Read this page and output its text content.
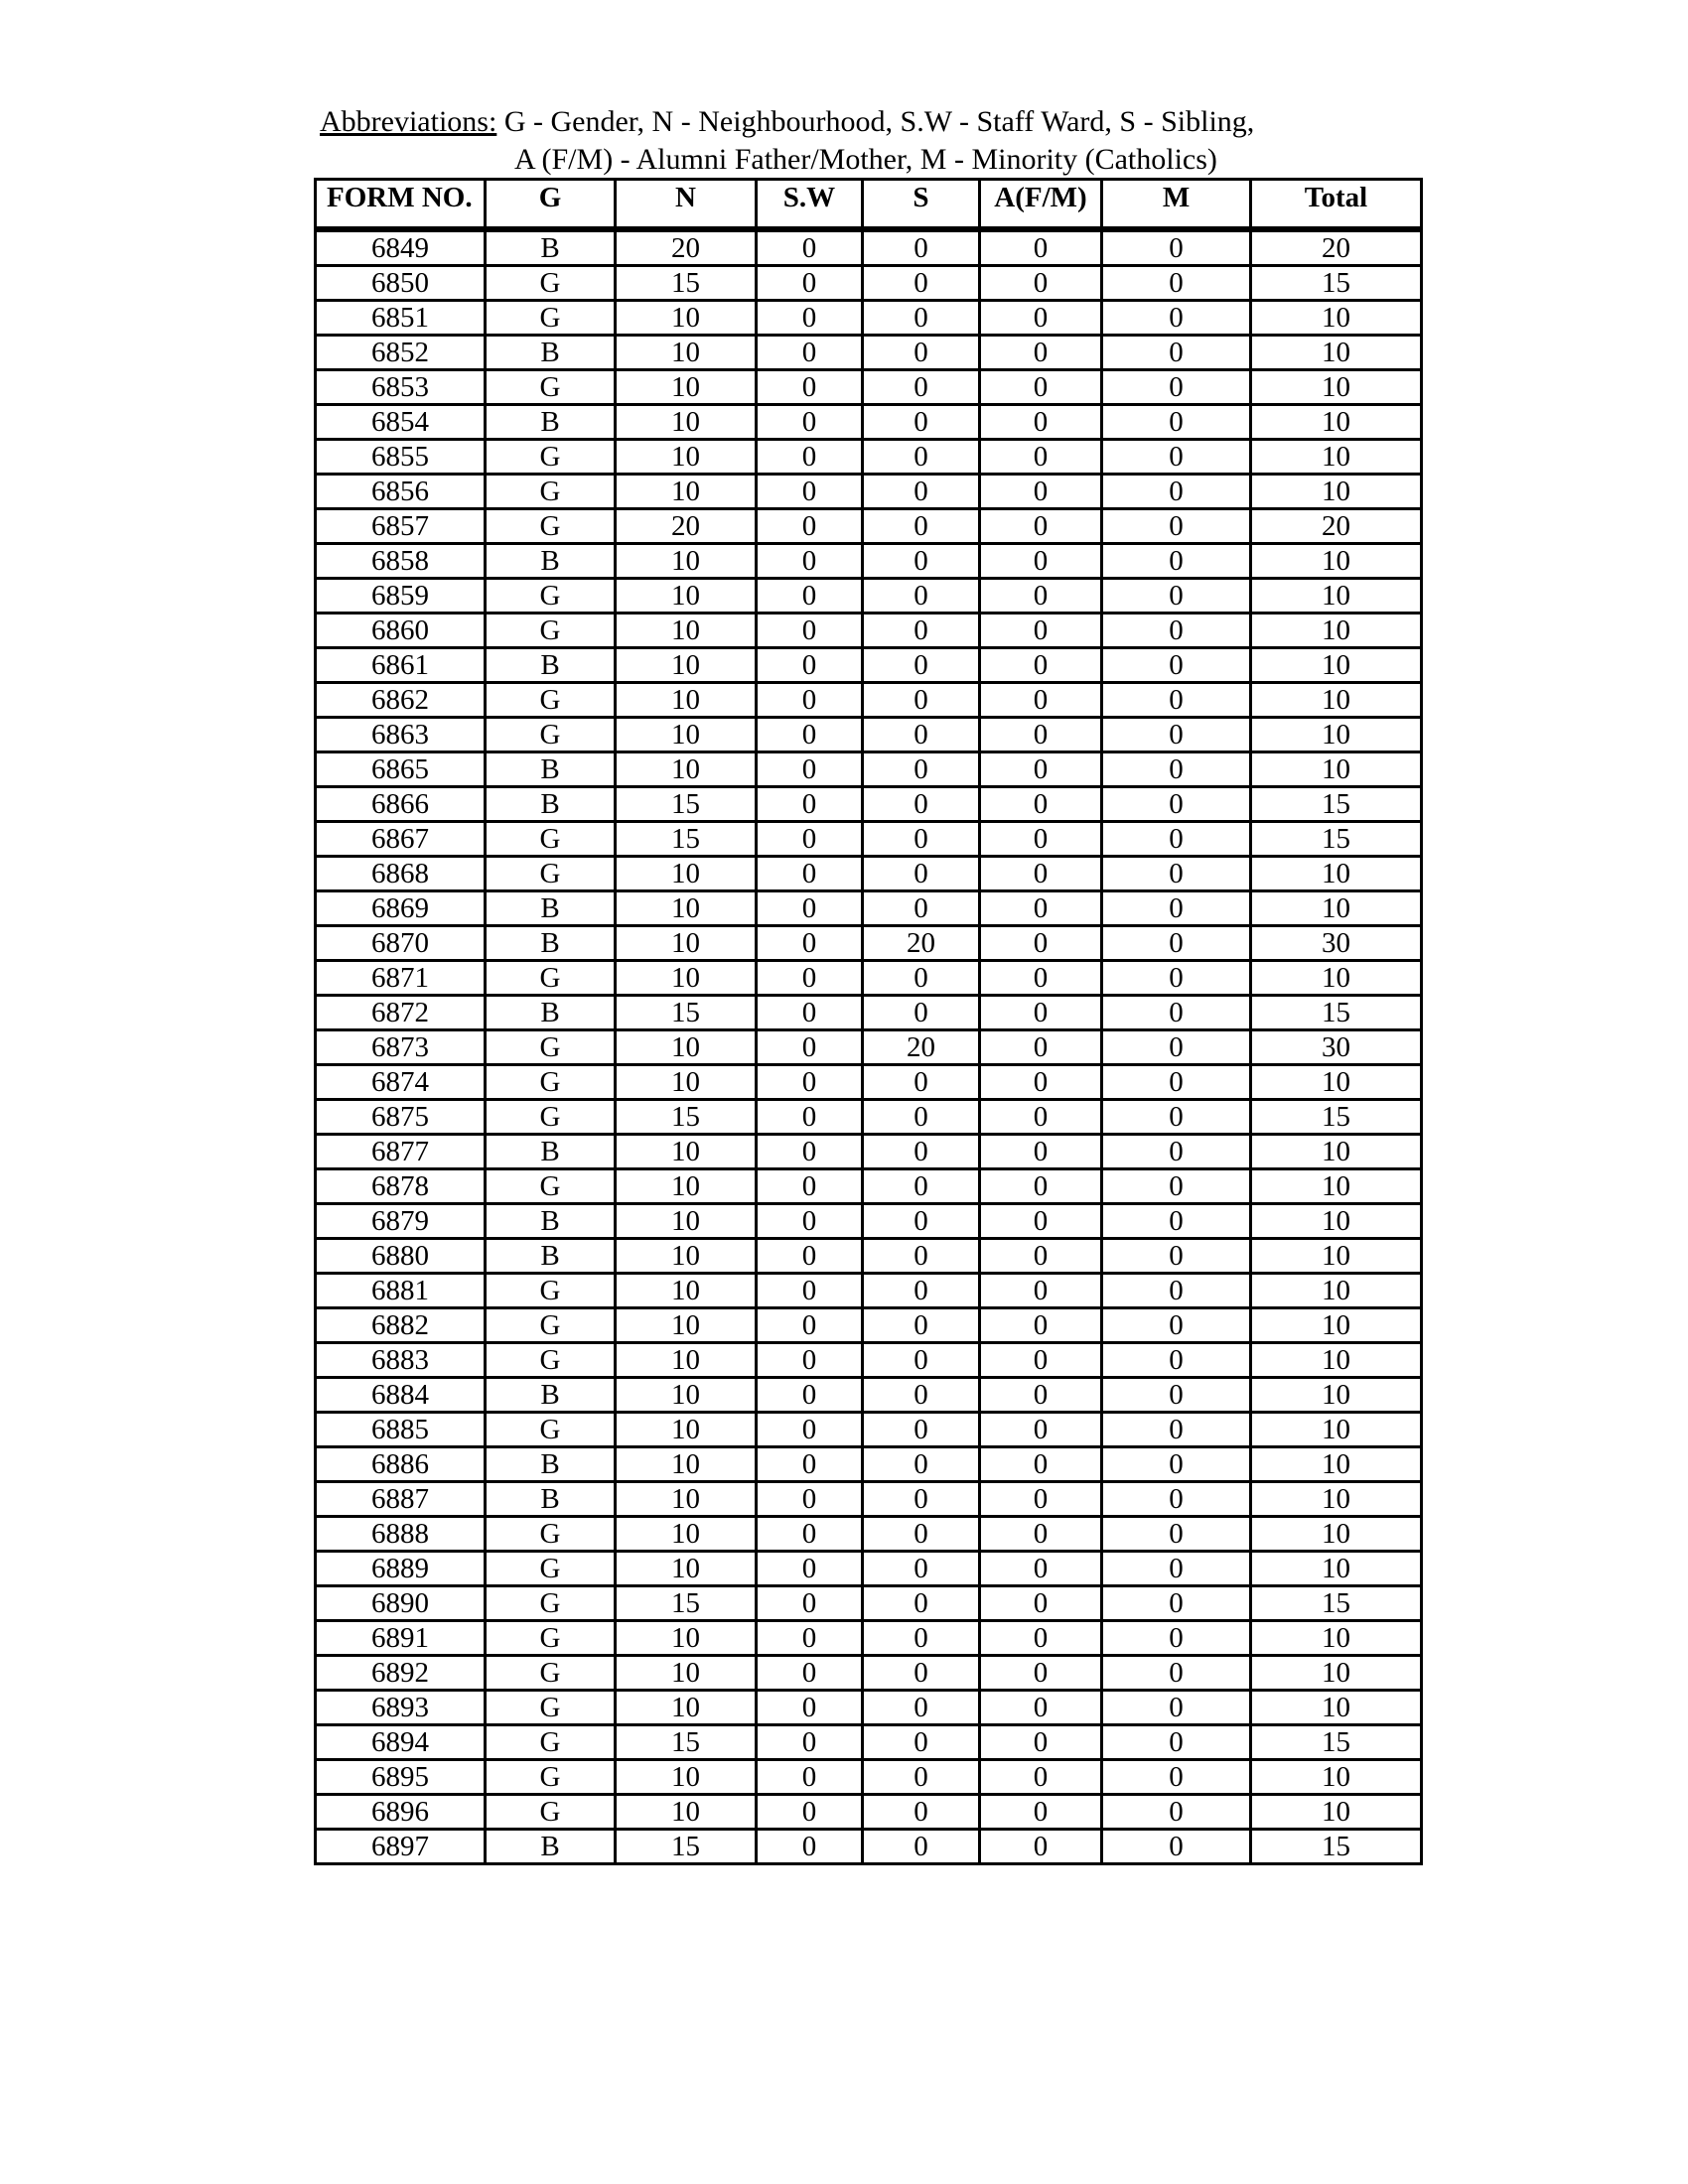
Abbreviations: G - Gender, N - Neighbourhood, S.W - Staff Ward, S - Sibling,
A (F/M) - Alumni Father/Mother, M - Minority (Catholics)
FORM NO.	G	N	S.W	S	A(F/M)	M	Total
6849	B	20	0	0	0	0	20
6850	G	15	0	0	0	0	15
6851	G	10	0	0	0	0	10
6852	B	10	0	0	0	0	10
6853	G	10	0	0	0	0	10
6854	B	10	0	0	0	0	10
6855	G	10	0	0	0	0	10
6856	G	10	0	0	0	0	10
6857	G	20	0	0	0	0	20
6858	B	10	0	0	0	0	10
6859	G	10	0	0	0	0	10
6860	G	10	0	0	0	0	10
6861	B	10	0	0	0	0	10
6862	G	10	0	0	0	0	10
6863	G	10	0	0	0	0	10
6865	B	10	0	0	0	0	10
6866	B	15	0	0	0	0	15
6867	G	15	0	0	0	0	15
6868	G	10	0	0	0	0	10
6869	B	10	0	0	0	0	10
6870	B	10	0	20	0	0	30
6871	G	10	0	0	0	0	10
6872	B	15	0	0	0	0	15
6873	G	10	0	20	0	0	30
6874	G	10	0	0	0	0	10
6875	G	15	0	0	0	0	15
6877	B	10	0	0	0	0	10
6878	G	10	0	0	0	0	10
6879	B	10	0	0	0	0	10
6880	B	10	0	0	0	0	10
6881	G	10	0	0	0	0	10
6882	G	10	0	0	0	0	10
6883	G	10	0	0	0	0	10
6884	B	10	0	0	0	0	10
6885	G	10	0	0	0	0	10
6886	B	10	0	0	0	0	10
6887	B	10	0	0	0	0	10
6888	G	10	0	0	0	0	10
6889	G	10	0	0	0	0	10
6890	G	15	0	0	0	0	15
6891	G	10	0	0	0	0	10
6892	G	10	0	0	0	0	10
6893	G	10	0	0	0	0	10
6894	G	15	0	0	0	0	15
6895	G	10	0	0	0	0	10
6896	G	10	0	0	0	0	10
6897	B	15	0	0	0	0	15
